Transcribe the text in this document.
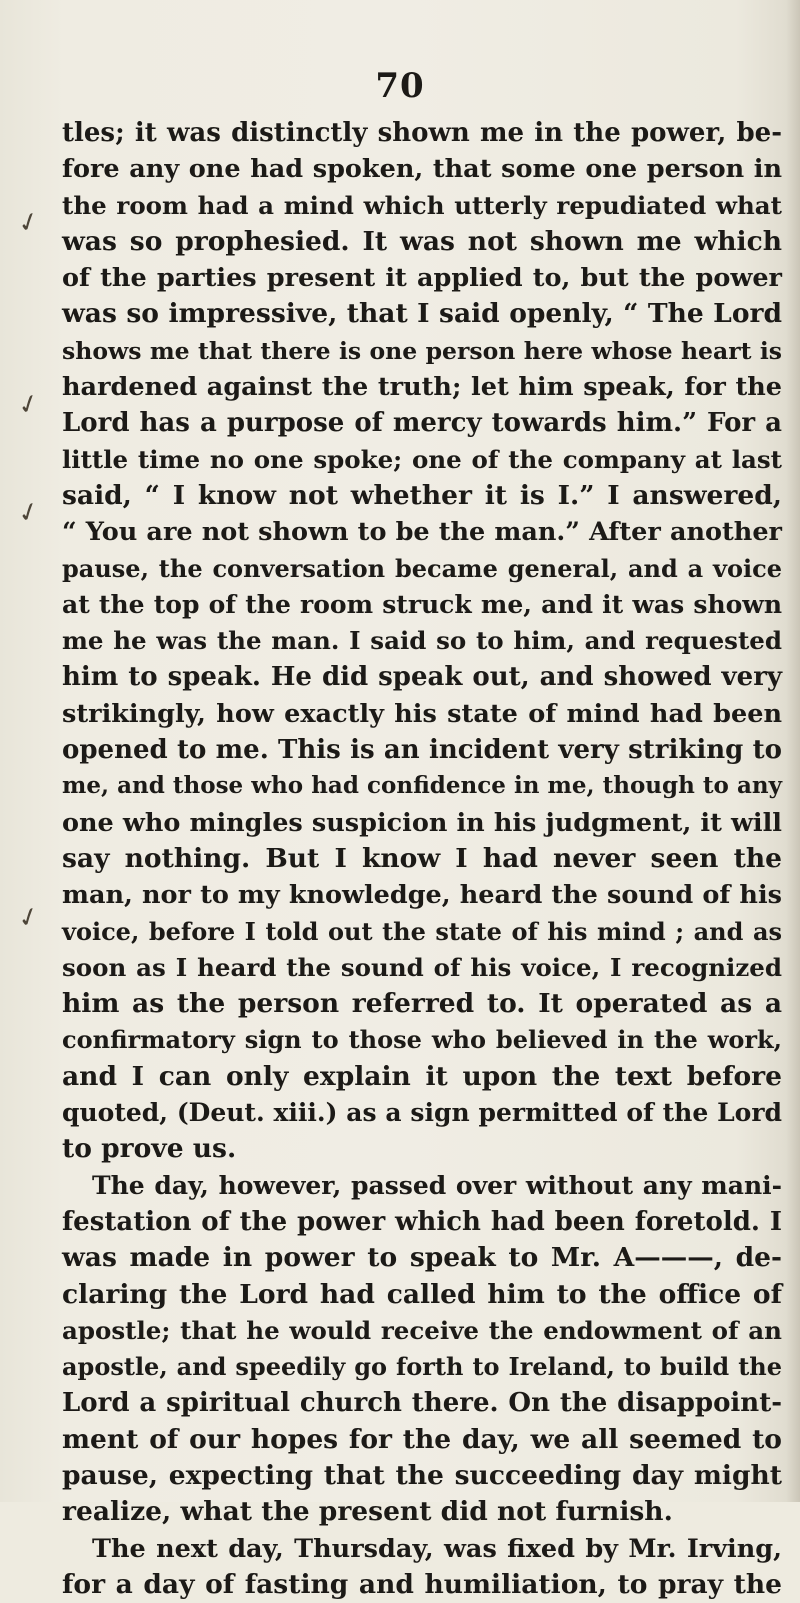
70
✓
✓
✓
✓
tles; it was distinctly shown me in the power, be-
fore any one had spoken, that some one person in
the room had a mind which utterly repudiated what
was so prophesied. It was not shown me which
of the parties present it applied to, but the power
was so impressive, that I said openly, “ The Lord
shows me that there is one person here whose heart is
hardened against the truth; let him speak, for the
Lord has a purpose of mercy towards him.” For a
little time no one spoke; one of the company at last
said, “ I know not whether it is I.” I answered,
“ You are not shown to be the man.” After another
pause, the conversation became general, and a voice
at the top of the room struck me, and it was shown
me he was the man. I said so to him, and requested
him to speak. He did speak out, and showed very
strikingly, how exactly his state of mind had been
opened to me. This is an incident very striking to
me, and those who had confidence in me, though to any
one who mingles suspicion in his judgment, it will
say nothing. But I know I had never seen the
man, nor to my knowledge, heard the sound of his
voice, before I told out the state of his mind ; and as
soon as I heard the sound of his voice, I recognized
him as the person referred to. It operated as a
confirmatory sign to those who believed in the work,
and I can only explain it upon the text before
quoted, (Deut. xiii.) as a sign permitted of the Lord
to prove us.
The day, however, passed over without any mani-
festation of the power which had been foretold. I
was made in power to speak to Mr. A———, de-
claring the Lord had called him to the office of
apostle; that he would receive the endowment of an
apostle, and speedily go forth to Ireland, to build the
Lord a spiritual church there. On the disappoint-
ment of our hopes for the day, we all seemed to
pause, expecting that the succeeding day might
realize, what the present did not furnish.
The next day, Thursday, was fixed by Mr. Irving,
for a day of fasting and humiliation, to pray the
